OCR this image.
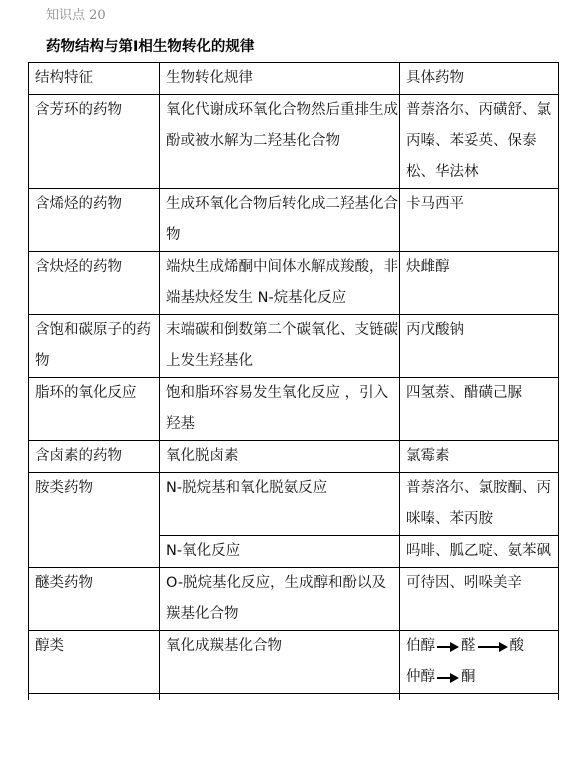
知识点 20
药物结构与第Ⅰ相生物转化的规律
结构特征	生物转化规律	具体药物
含芳环的药物	氧化代谢成环氧化合物然后重排生成酚或被水解为二羟基化合物	普萘洛尔、丙磺舒、氯丙嗪、苯妥英、保泰松、华法林
含烯烃的药物	生成环氧化合物后转化成二羟基化合物	卡马西平
含炔烃的药物	端炔生成烯酮中间体水解成羧酸，非端基炔烃发生 N-烷基化反应	炔雌醇
含饱和碳原子的药物	末端碳和倒数第二个碳氧化、支链碳上发生羟基化	丙戊酸钠
脂环的氧化反应	饱和脂环容易发生氧化反应 ，引入羟基	四氢萘、醋磺己脲
含卤素的药物	氧化脱卤素	氯霉素
胺类药物	N-脱烷基和氧化脱氨反应	普萘洛尔、氯胺酮、丙咪嗪、苯丙胺
	N-氧化反应	吗啡、胍乙啶、氨苯砜
醚类药物	O-脱烷基化反应，生成醇和酚以及羰基化合物	可待因、吲哚美辛
醇类	氧化成羰基化合物	伯醇 醛 酸
仲醇 酮
